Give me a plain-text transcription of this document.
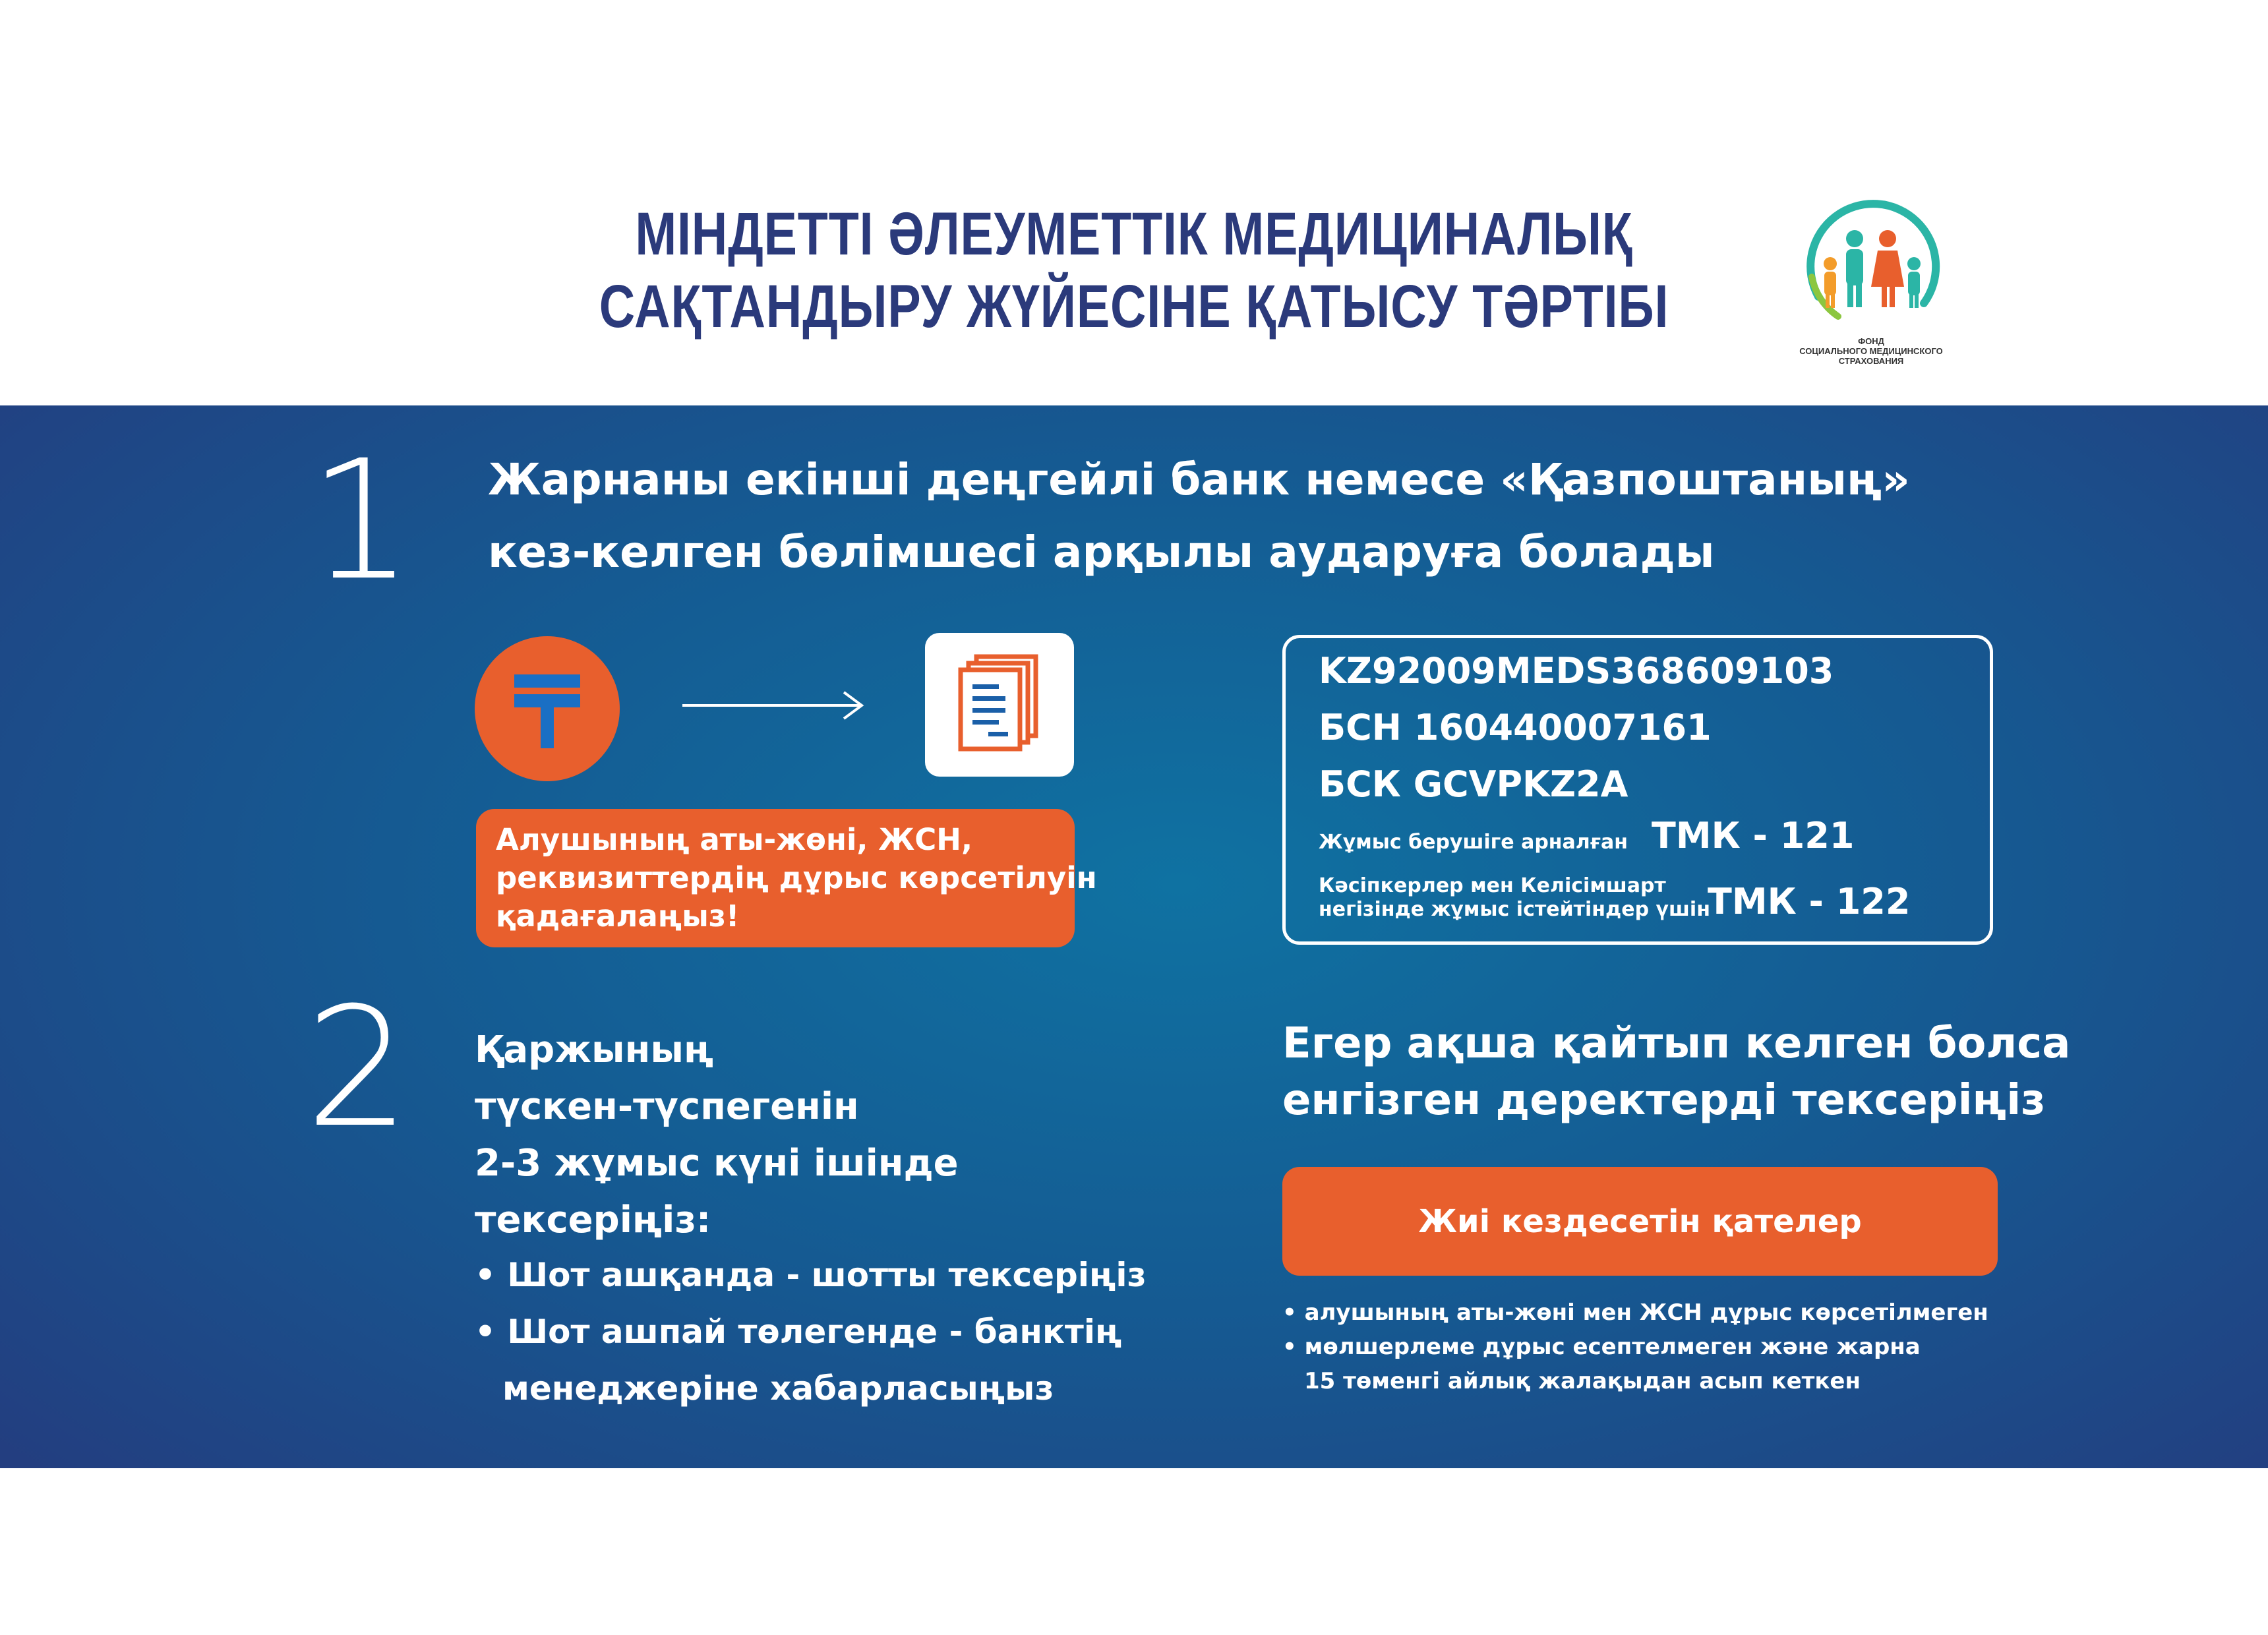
МІНДЕТТІ ӘЛЕУМЕТТІК МЕДИЦИНАЛЫҚ
САҚТАНДЫРУ ЖҮЙЕСІНЕ ҚАТЫСУ ТӘРТІБІ
ФОНД
СОЦИАЛЬНОГО МЕДИЦИНСКОГО
СТРАХОВАНИЯ
1 Жарнаны екінші деңгейлі банк немесе «Қазпоштаның»
кез-келген бөлімшесі арқылы аударуға болады
Алушының аты-жөні, ЖСН,
реквизиттердің дұрыс көрсетілуін
қадағалаңыз!
KZ92009MEDS368609103
БСН 160440007161
БСК GCVPKZ2A
Жұмыс берушіге арналған ТМК - 121
Кәсіпкерлер мен Келісімшарт
негізінде жұмыс істейтіндер үшін
ТМК - 122
2 Қаржының
түскен-түспегенін
2-3 жұмыс күні ішінде
тексеріңіз:
• Шот ашқанда - шотты тексеріңіз
• Шот ашпай төлегенде - банктің
менеджеріне хабарласыңыз
Егер ақша қайтып келген болса
енгізген деректерді тексеріңіз
Жиі кездесетін қателер
• алушының аты-жөні мен ЖСН дұрыс көрсетілмеген
• мөлшерлеме дұрыс есептелмеген және жарна
15 төменгі айлық жалақыдан асып кеткен
